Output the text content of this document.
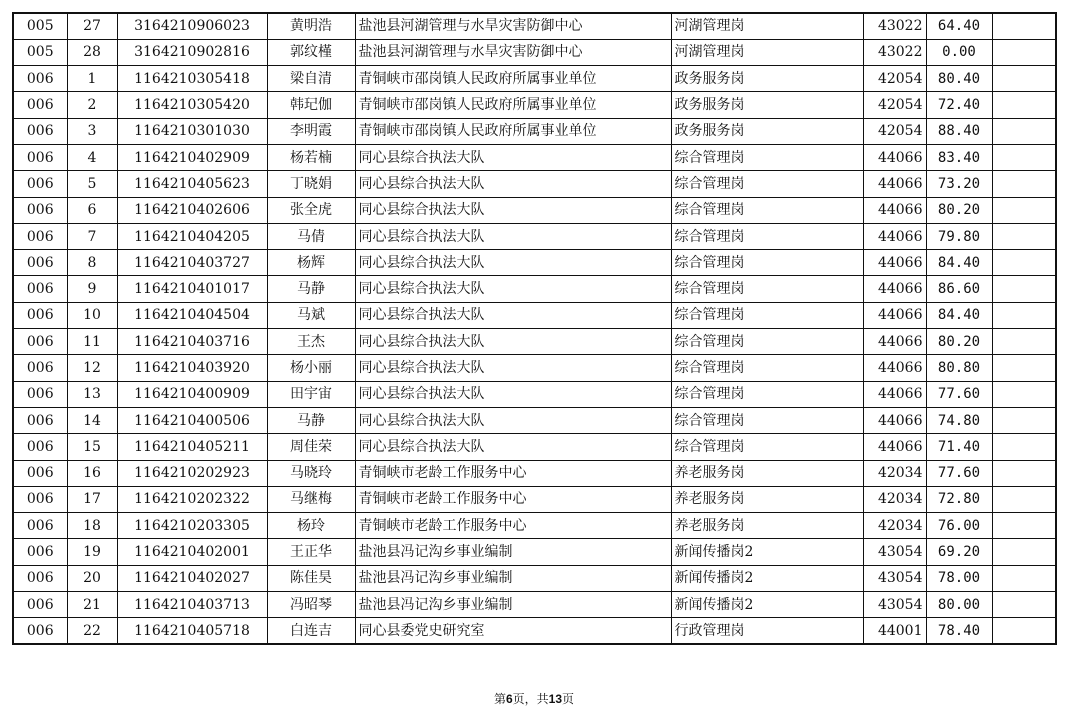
005	27	3164210906023	黄明浩	盐池县河湖管理与水旱灾害防御中心	河湖管理岗	43022	64.40	
005	28	3164210902816	郭纹槿	盐池县河湖管理与水旱灾害防御中心	河湖管理岗	43022	0.00	
006	1	1164210305418	梁自清	青铜峡市邵岗镇人民政府所属事业单位	政务服务岗	42054	80.40	
006	2	1164210305420	韩玘伽	青铜峡市邵岗镇人民政府所属事业单位	政务服务岗	42054	72.40	
006	3	1164210301030	李明霞	青铜峡市邵岗镇人民政府所属事业单位	政务服务岗	42054	88.40	
006	4	1164210402909	杨若楠	同心县综合执法大队	综合管理岗	44066	83.40	
006	5	1164210405623	丁晓娟	同心县综合执法大队	综合管理岗	44066	73.20	
006	6	1164210402606	张全虎	同心县综合执法大队	综合管理岗	44066	80.20	
006	7	1164210404205	马倩	同心县综合执法大队	综合管理岗	44066	79.80	
006	8	1164210403727	杨辉	同心县综合执法大队	综合管理岗	44066	84.40	
006	9	1164210401017	马静	同心县综合执法大队	综合管理岗	44066	86.60	
006	10	1164210404504	马斌	同心县综合执法大队	综合管理岗	44066	84.40	
006	11	1164210403716	王杰	同心县综合执法大队	综合管理岗	44066	80.20	
006	12	1164210403920	杨小丽	同心县综合执法大队	综合管理岗	44066	80.80	
006	13	1164210400909	田宇宙	同心县综合执法大队	综合管理岗	44066	77.60	
006	14	1164210400506	马静	同心县综合执法大队	综合管理岗	44066	74.80	
006	15	1164210405211	周佳荣	同心县综合执法大队	综合管理岗	44066	71.40	
006	16	1164210202923	马晓玲	青铜峡市老龄工作服务中心	养老服务岗	42034	77.60	
006	17	1164210202322	马继梅	青铜峡市老龄工作服务中心	养老服务岗	42034	72.80	
006	18	1164210203305	杨玲	青铜峡市老龄工作服务中心	养老服务岗	42034	76.00	
006	19	1164210402001	王正华	盐池县冯记沟乡事业编制	新闻传播岗2	43054	69.20	
006	20	1164210402027	陈佳昊	盐池县冯记沟乡事业编制	新闻传播岗2	43054	78.00	
006	21	1164210403713	冯昭琴	盐池县冯记沟乡事业编制	新闻传播岗2	43054	80.00	
006	22	1164210405718	白连吉	同心县委党史研究室	行政管理岗	44001	78.40	
第6页，共13页
